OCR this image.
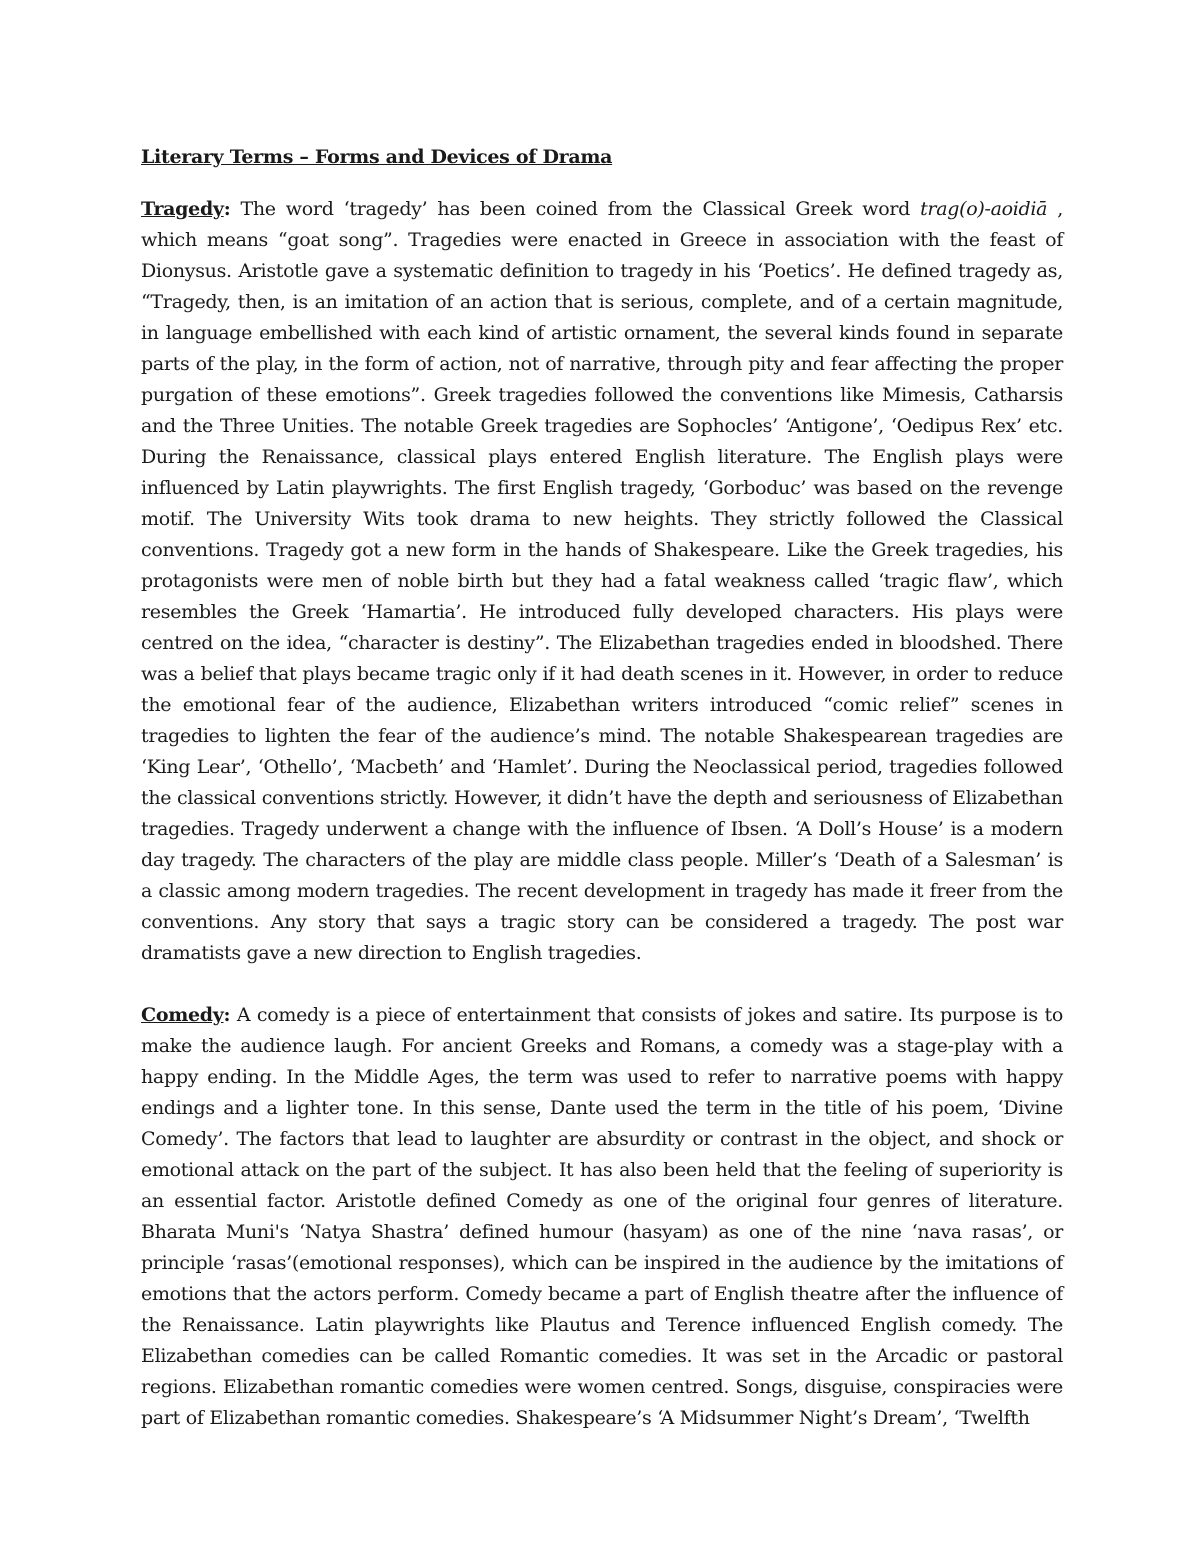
Literary Terms – Forms and Devices of Drama

Tragedy: The word ‘tragedy’ has been coined from the Classical Greek word trag(o)-aoidiā , which means “goat song”. Tragedies were enacted in Greece in association with the feast of Dionysus. Aristotle gave a systematic definition to tragedy in his ‘Poetics’. He defined tragedy as, “Tragedy, then, is an imitation of an action that is serious, complete, and of a certain magnitude, in language embellished with each kind of artistic ornament, the several kinds found in separate parts of the play, in the form of action, not of narrative, through pity and fear affecting the proper purgation of these emotions”. Greek tragedies followed the conventions like Mimesis, Catharsis and the Three Unities. The notable Greek tragedies are Sophocles’ ‘Antigone’, ‘Oedipus Rex’ etc. During the Renaissance, classical plays entered English literature. The English plays were influenced by Latin playwrights. The first English tragedy, ‘Gorboduc’ was based on the revenge motif. The University Wits took drama to new heights. They strictly followed the Classical conventions. Tragedy got a new form in the hands of Shakespeare. Like the Greek tragedies, his protagonists were men of noble birth but they had a fatal weakness called ‘tragic flaw’, which resembles the Greek ‘Hamartia’. He introduced fully developed characters. His plays were centred on the idea, “character is destiny”. The Elizabethan tragedies ended in bloodshed. There was a belief that plays became tragic only if it had death scenes in it. However, in order to reduce the emotional fear of the audience, Elizabethan writers introduced “comic relief” scenes in tragedies to lighten the fear of the audience’s mind. The notable Shakespearean tragedies are ‘King Lear’, ‘Othello’, ‘Macbeth’ and ‘Hamlet’. During the Neoclassical period, tragedies followed the classical conventions strictly. However, it didn’t have the depth and seriousness of Elizabethan tragedies. Tragedy underwent a change with the influence of Ibsen. ‘A Doll’s House’ is a modern day tragedy. The characters of the play are middle class people. Miller’s ‘Death of a Salesman’ is a classic among modern tragedies. The recent development in tragedy has made it freer from the conventions. Any story that says a tragic story can be considered a tragedy. The post war dramatists gave a new direction to English tragedies.

Comedy: A comedy is a piece of entertainment that consists of jokes and satire. Its purpose is to make the audience laugh. For ancient Greeks and Romans, a comedy was a stage-play with a happy ending. In the Middle Ages, the term was used to refer to narrative poems with happy endings and a lighter tone. In this sense, Dante used the term in the title of his poem, ‘Divine Comedy’. The factors that lead to laughter are absurdity or contrast in the object, and shock or emotional attack on the part of the subject. It has also been held that the feeling of superiority is an essential factor. Aristotle defined Comedy as one of the original four genres of literature. Bharata Muni's ‘Natya Shastra’ defined humour (hasyam) as one of the nine ‘nava rasas’, or principle ‘rasas’(emotional responses), which can be inspired in the audience by the imitations of emotions that the actors perform. Comedy became a part of English theatre after the influence of the Renaissance. Latin playwrights like Plautus and Terence influenced English comedy. The Elizabethan comedies can be called Romantic comedies. It was set in the Arcadic or pastoral regions. Elizabethan romantic comedies were women centred. Songs, disguise, conspiracies were part of Elizabethan romantic comedies. Shakespeare’s ‘A Midsummer Night’s Dream’, ‘Twelfth
